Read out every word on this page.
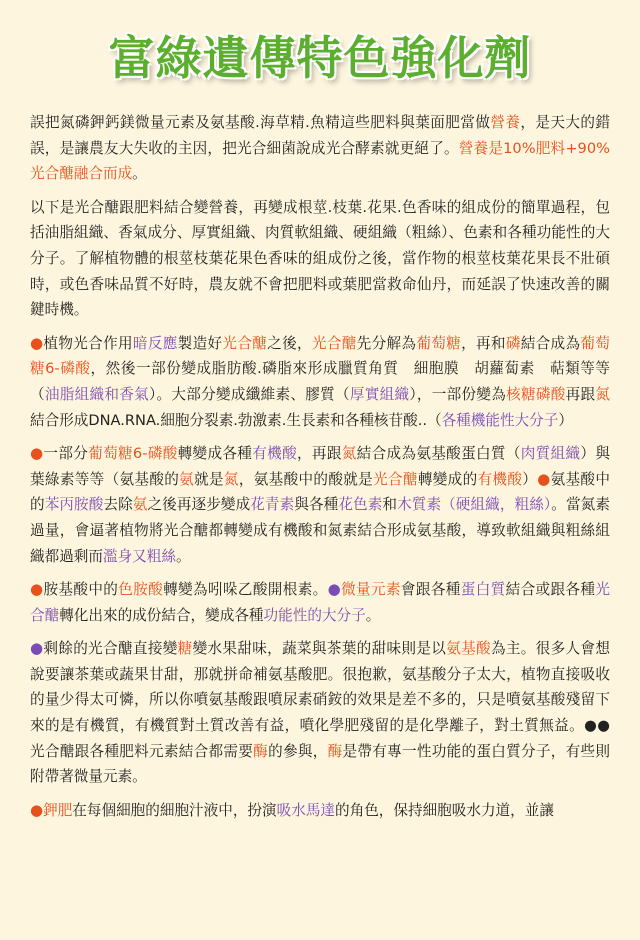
富綠遺傳特色強化劑

誤把氮磷鉀鈣鎂微量元素及氨基酸.海草精.魚精這些肥料與葉面肥當做營養，是天大的錯誤，是讓農友大失收的主因，把光合細菌說成光合酵素就更絕了。營養是10%肥料+90%光合醣融合而成。

以下是光合醣跟肥料結合變營養，再變成根莖.枝葉.花果.色香味的組成份的簡單過程，包括油脂組織、香氣成分、厚實組織、肉質軟組織、硬組織（粗絲）、色素和各種功能性的大分子。了解植物體的根莖枝葉花果色香味的組成份之後，當作物的根莖枝葉花果長不壯碩時，或色香味品質不好時，農友就不會把肥料或葉肥當救命仙丹，而延誤了快速改善的關鍵時機。

●植物光合作用暗反應製造好光合醣之後，光合醣先分解為葡萄糖，再和磷結合成為葡萄糖6-磷酸，然後一部份變成脂肪酸.磷脂來形成臘質角質　細胞膜　胡蘿蔔素　萜類等等（油脂組織和香氣）。大部分變成纖維素、膠質（厚實組織），一部份變為核糖磷酸再跟氮結合形成DNA.RNA.細胞分裂素.勃激素.生長素和各種核苷酸..（各種機能性大分子）

●一部分葡萄糖6-磷酸轉變成各種有機酸，再跟氮結合成為氨基酸蛋白質（肉質組織）與葉綠素等等（氨基酸的氨就是氮，氨基酸中的酸就是光合醣轉變成的有機酸）●氨基酸中的苯丙胺酸去除氨之後再逐步變成花青素與各種花色素和木質素（硬組織，粗絲）。當氮素過量，會逼著植物將光合醣都轉變成有機酸和氮素結合形成氨基酸，導致軟組織與粗絲組織都過剩而濫身又粗絲。

●胺基酸中的色胺酸轉變為吲哚乙酸開根素。●微量元素會跟各種蛋白質結合或跟各種光合醣轉化出來的成份結合，變成各種功能性的大分子。

●剩餘的光合醣直接變糖變水果甜味，蔬菜與茶葉的甜味則是以氨基酸為主。很多人會想說要讓茶葉或蔬果甘甜，那就拼命補氨基酸肥。很抱歉，氨基酸分子太大，植物直接吸收的量少得太可憐，所以你噴氨基酸跟噴尿素硝銨的效果是差不多的，只是噴氨基酸殘留下來的是有機質，有機質對土質改善有益，噴化學肥殘留的是化學離子，對土質無益。●●光合醣跟各種肥料元素結合都需要酶的參與，酶是帶有專一性功能的蛋白質分子，有些則附帶著微量元素。

●鉀肥在每個細胞的細胞汁液中，扮演吸水馬達的角色，保持細胞吸水力道，並讓
